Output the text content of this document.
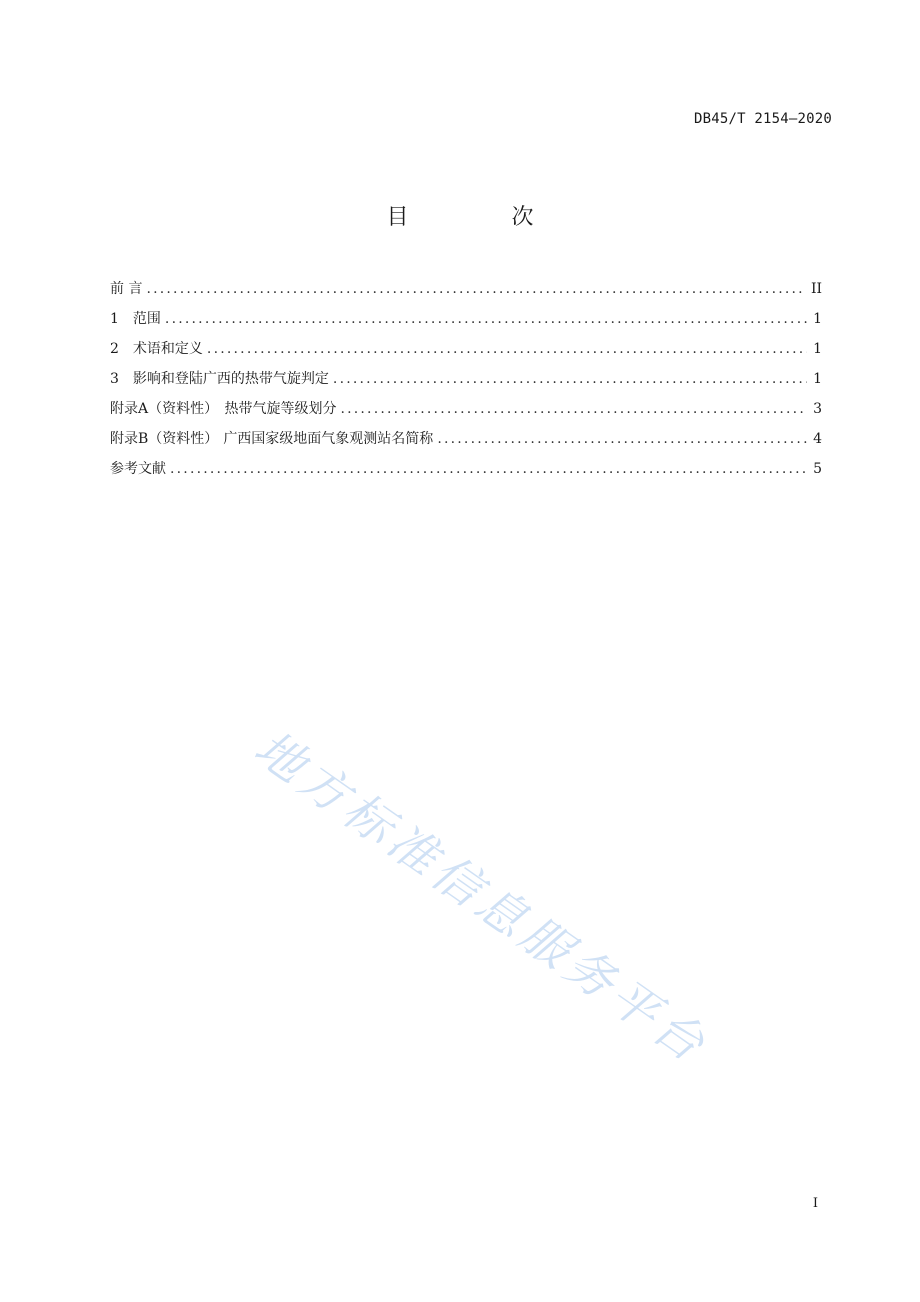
DB45/T 2154—2020
目 次
前 言 .....	II
1 范围 .....	1
2 术语和定义 .....	1
3 影响和登陆广西的热带气旋判定 .....	1
附录A（资料性） 热带气旋等级划分 .....	3
附录B（资料性） 广西国家级地面气象观测站名简称 .....	4
参考文献 .....	5
地方标准信息服务平台
I
